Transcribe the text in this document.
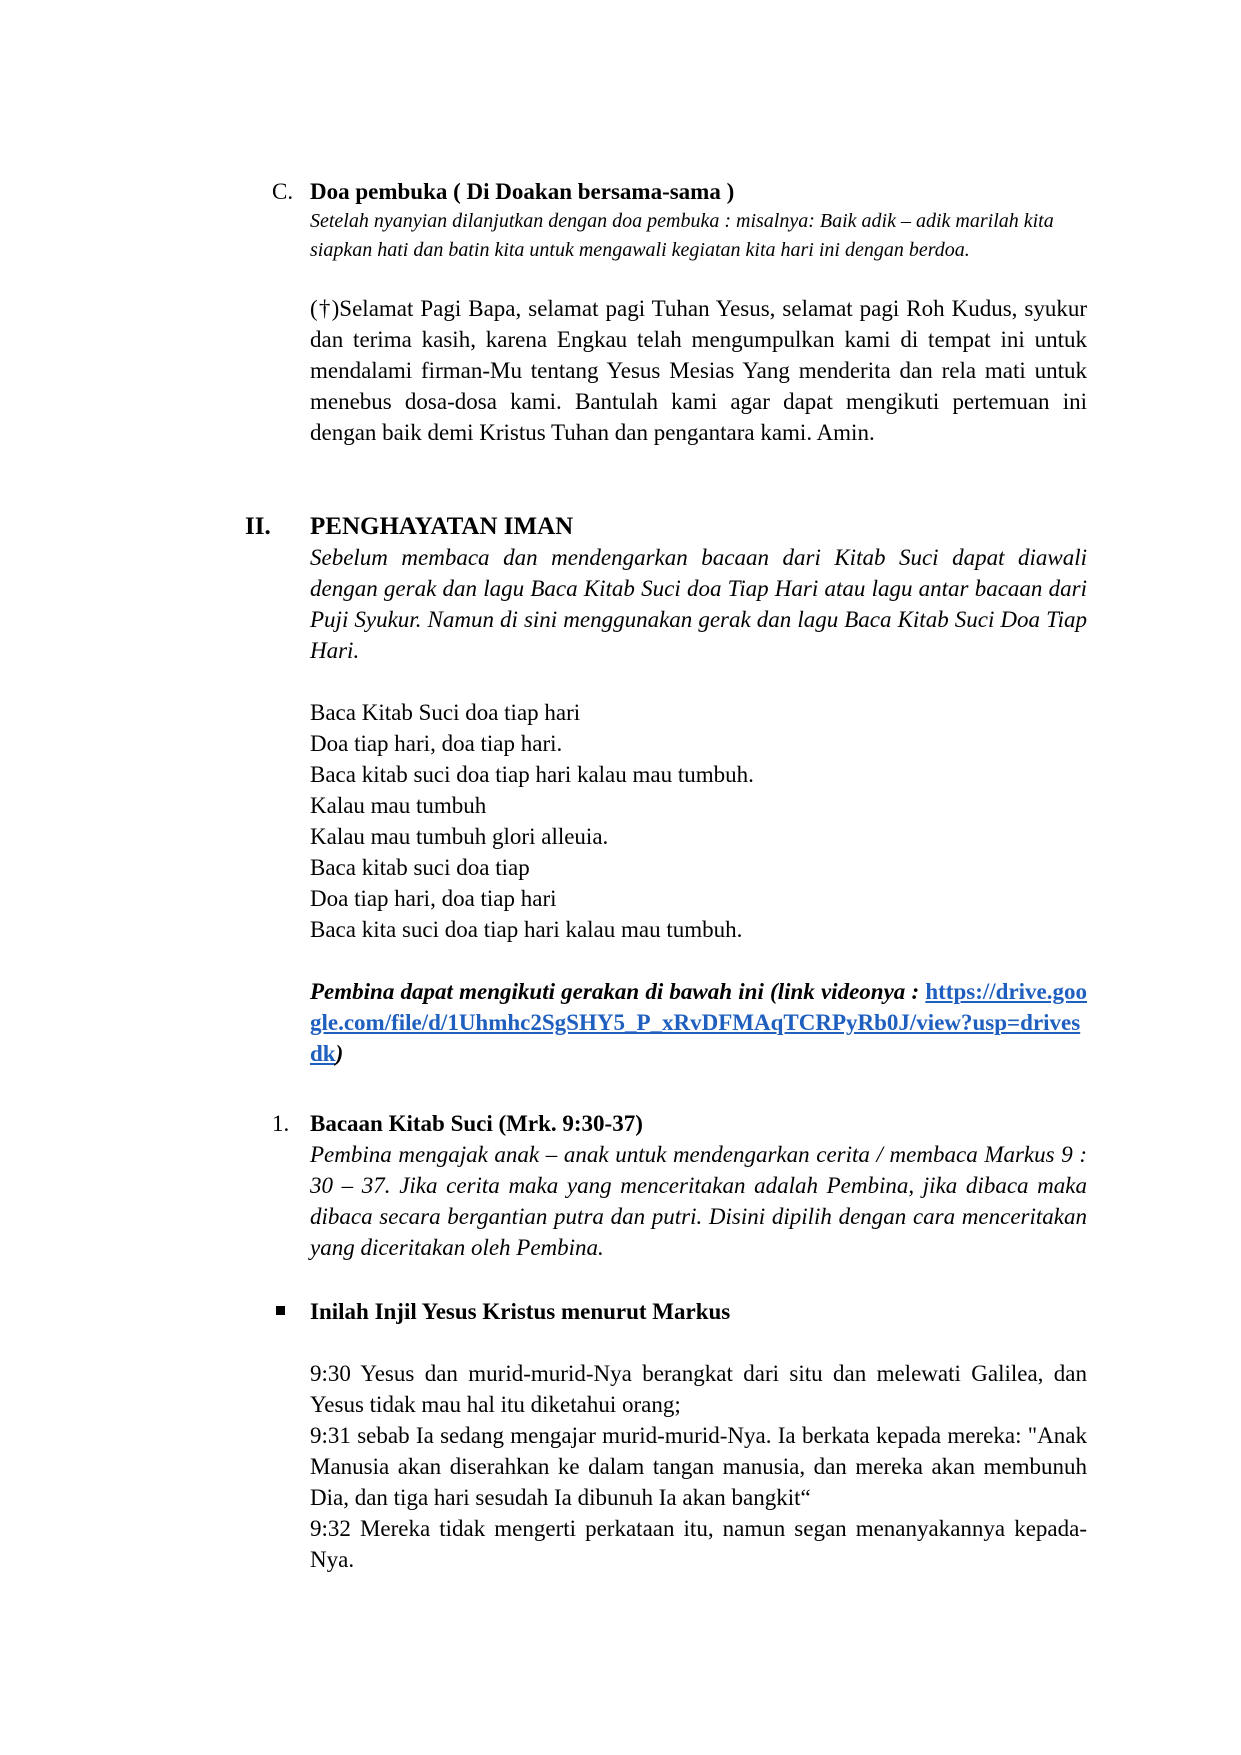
C. Doa pembuka ( Di Doakan bersama-sama )
Setelah nyanyian dilanjutkan dengan doa pembuka : misalnya: Baik adik – adik marilah kita siapkan hati dan batin kita untuk mengawali kegiatan kita hari ini dengan berdoa.
(†)Selamat Pagi Bapa, selamat pagi Tuhan Yesus, selamat pagi Roh Kudus, syukur dan terima kasih, karena Engkau telah mengumpulkan kami di tempat ini untuk mendalami firman-Mu tentang Yesus Mesias Yang menderita dan rela mati untuk menebus dosa-dosa kami. Bantulah kami agar dapat mengikuti pertemuan ini dengan baik demi Kristus Tuhan dan pengantara kami. Amin.
II. PENGHAYATAN IMAN
Sebelum membaca dan mendengarkan bacaan dari Kitab Suci dapat diawali dengan gerak dan lagu Baca Kitab Suci doa Tiap Hari atau lagu antar bacaan dari Puji Syukur. Namun di sini menggunakan gerak dan lagu Baca Kitab Suci Doa Tiap Hari.
Baca Kitab Suci doa tiap hari
Doa tiap hari, doa tiap hari.
Baca kitab suci doa tiap hari kalau mau tumbuh.
Kalau mau tumbuh
Kalau mau tumbuh glori alleuia.
Baca kitab suci doa tiap
Doa tiap hari, doa tiap hari
Baca kita suci doa tiap hari kalau mau tumbuh.
Pembina dapat mengikuti gerakan di bawah ini (link videonya : https://drive.google.com/file/d/1Uhmhc2SgSHY5_P_xRvDFMAqTCRPyRb0J/view?usp=drivesdk)
1. Bacaan Kitab Suci (Mrk. 9:30-37)
Pembina mengajak anak – anak untuk mendengarkan cerita / membaca Markus 9 : 30 – 37. Jika cerita maka yang menceritakan adalah Pembina, jika dibaca maka dibaca secara bergantian putra dan putri. Disini dipilih dengan cara menceritakan yang diceritakan oleh Pembina.
Inilah Injil Yesus Kristus menurut Markus
9:30 Yesus dan murid-murid-Nya berangkat dari situ dan melewati Galilea, dan Yesus tidak mau hal itu diketahui orang;
9:31 sebab Ia sedang mengajar murid-murid-Nya. Ia berkata kepada mereka: "Anak Manusia akan diserahkan ke dalam tangan manusia, dan mereka akan membunuh Dia, dan tiga hari sesudah Ia dibunuh Ia akan bangkit“
9:32 Mereka tidak mengerti perkataan itu, namun segan menanyakannya kepada-Nya.
